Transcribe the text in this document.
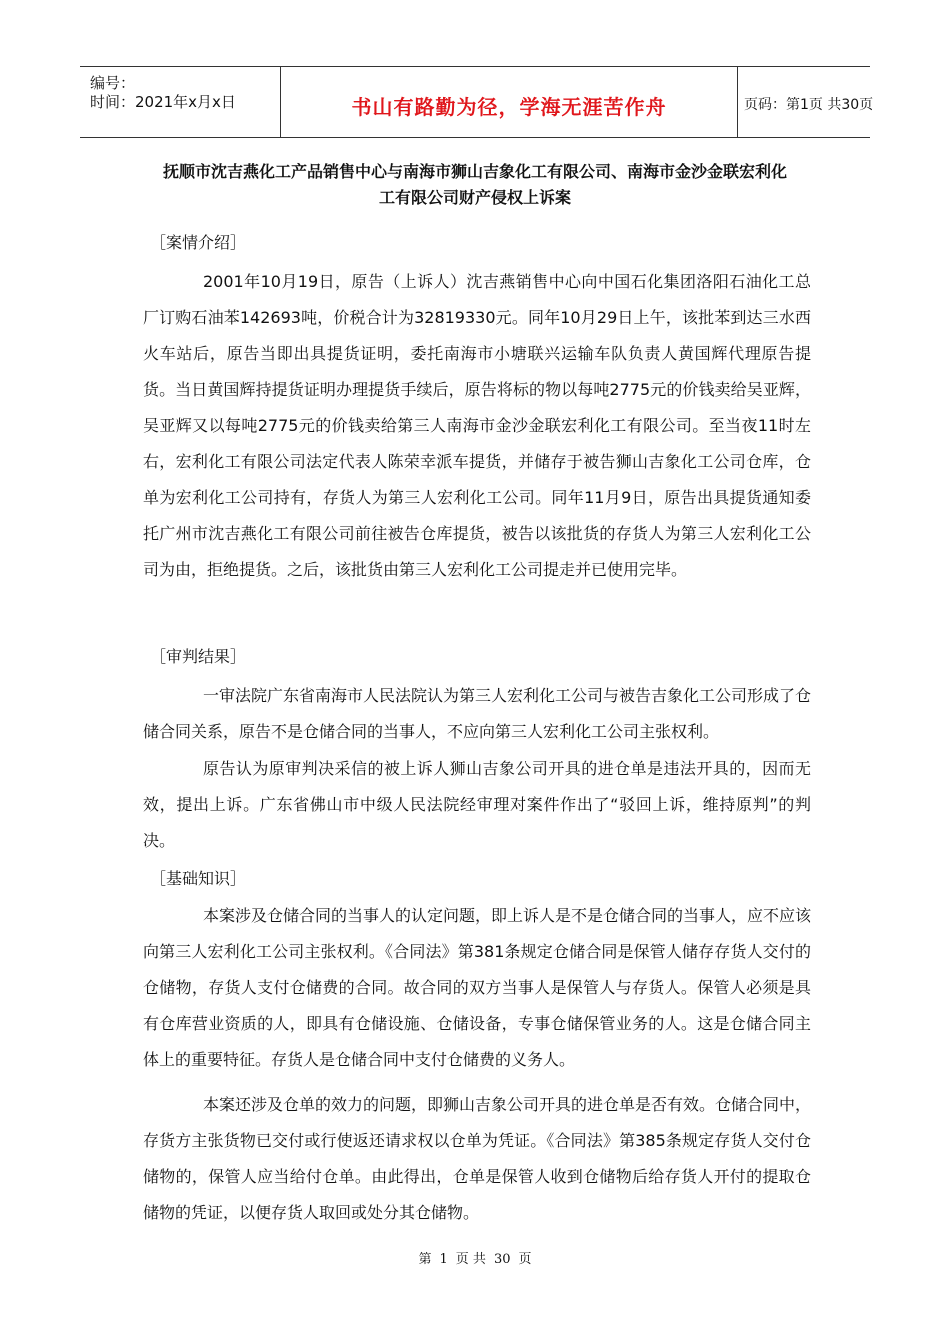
编号：
时间：2021年x月x日	书山有路勤为径，学海无涯苦作舟	页码：第1页 共30页
抚顺市沈吉燕化工产品销售中心与南海市狮山吉象化工有限公司、南海市金沙金联宏利化
工有限公司财产侵权上诉案
［案情介绍］

2001年10月19日，原告（上诉人）沈吉燕销售中心向中国石化集团洛阳石油化工总厂订购石油苯142693吨，价税合计为32819330元。同年10月29日上午，该批苯到达三水西火车站后，原告当即出具提货证明，委托南海市小塘联兴运输车队负责人黄国辉代理原告提货。当日黄国辉持提货证明办理提货手续后，原告将标的物以每吨2775元的价钱卖给吴亚辉，吴亚辉又以每吨2775元的价钱卖给第三人南海市金沙金联宏利化工有限公司。至当夜11时左右，宏利化工有限公司法定代表人陈荣幸派车提货，并储存于被告狮山吉象化工公司仓库，仓单为宏利化工公司持有，存货人为第三人宏利化工公司。同年11月9日，原告出具提货通知委托广州市沈吉燕化工有限公司前往被告仓库提货，被告以该批货的存货人为第三人宏利化工公司为由，拒绝提货。之后，该批货由第三人宏利化工公司提走并已使用完毕。

［审判结果］

一审法院广东省南海市人民法院认为第三人宏利化工公司与被告吉象化工公司形成了仓储合同关系，原告不是仓储合同的当事人，不应向第三人宏利化工公司主张权利。

原告认为原审判决采信的被上诉人狮山吉象公司开具的进仓单是违法开具的，因而无效，提出上诉。广东省佛山市中级人民法院经审理对案件作出了“驳回上诉，维持原判”的判决。

［基础知识］

本案涉及仓储合同的当事人的认定问题，即上诉人是不是仓储合同的当事人，应不应该向第三人宏利化工公司主张权利。《合同法》第381条规定仓储合同是保管人储存存货人交付的仓储物，存货人支付仓储费的合同。故合同的双方当事人是保管人与存货人。保管人必须是具有仓库营业资质的人，即具有仓储设施、仓储设备，专事仓储保管业务的人。这是仓储合同主体上的重要特征。存货人是仓储合同中支付仓储费的义务人。

本案还涉及仓单的效力的问题，即狮山吉象公司开具的进仓单是否有效。仓储合同中，存货方主张货物已交付或行使返还请求权以仓单为凭证。《合同法》第385条规定存货人交付仓储物的，保管人应当给付仓单。由此得出，仓单是保管人收到仓储物后给存货人开付的提取仓储物的凭证，以便存货人取回或处分其仓储物。

第 1 页 共 30 页
